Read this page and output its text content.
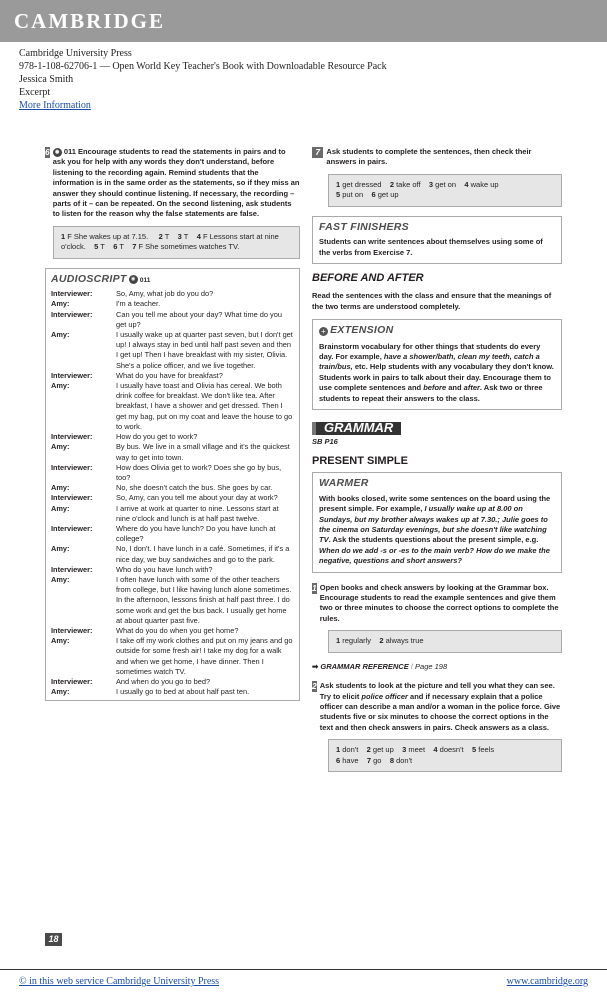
CAMBRIDGE
Cambridge University Press
978-1-108-62706-1 — Open World Key Teacher's Book with Downloadable Resource Pack
Jessica Smith
Excerpt
More Information
6	◉ 011 Encourage students to read the statements in pairs and to ask you for help with any words they don't understand, before listening to the recording again. Remind students that the information is in the same order as the statements, so if they miss an answer they should continue listening. If necessary, the recording – parts of it – can be repeated. On the second listening, ask students to listen for the reason why the false statements are false.
1 F She wakes up at 7.15. 2 T 3 T 4 F Lessons start at nine o'clock. 5 T 6 T 7 F She sometimes watches TV.
AUDIOSCRIPT ◉ 011
Interviewer:	So, Amy, what job do you do?
Amy:	I'm a teacher.
Interviewer:	Can you tell me about your day? What time do you get up?
Amy:	I usually wake up at quarter past seven, but I don't get up! I always stay in bed until half past seven and then I get up! Then I have breakfast with my sister, Olivia. She's a police officer, and we live together.
Interviewer:	What do you have for breakfast?
Amy:	I usually have toast and Olivia has cereal. We both drink coffee for breakfast. We don't like tea. After breakfast, I have a shower and get dressed. Then I get my bag, put on my coat and leave the house to go to work.
Interviewer:	How do you get to work?
Amy:	By bus. We live in a small village and it's the quickest way to get into town.
Interviewer:	How does Olivia get to work? Does she go by bus, too?
Amy:	No, she doesn't catch the bus. She goes by car.
Interviewer:	So, Amy, can you tell me about your day at work?
Amy:	I arrive at work at quarter to nine. Lessons start at nine o'clock and lunch is at half past twelve.
Interviewer:	Where do you have lunch? Do you have lunch at college?
Amy:	No, I don't. I have lunch in a café. Sometimes, if it's a nice day, we buy sandwiches and go to the park.
Interviewer:	Who do you have lunch with?
Amy:	I often have lunch with some of the other teachers from college, but I like having lunch alone sometimes. In the afternoon, lessons finish at half past three. I do some work and get the bus back. I usually get home at about quarter past five.
Interviewer:	What do you do when you get home?
Amy:	I take off my work clothes and put on my jeans and go outside for some fresh air! I take my dog for a walk and when we get home, I have dinner. Then I sometimes watch TV.
Interviewer:	And when do you go to bed?
Amy:	I usually go to bed at about half past ten.
18
7 Ask students to complete the sentences, then check their answers in pairs.
1 get dressed 2 take off 3 get on 4 wake up
5 put on 6 get up
FAST FINISHERS
Students can write sentences about themselves using some of the verbs from Exercise 7.
BEFORE AND AFTER
Read the sentences with the class and ensure that the meanings of the two terms are understood completely.
+ EXTENSION
Brainstorm vocabulary for other things that students do every day. For example, have a shower/bath, clean my teeth, catch a train/bus, etc. Help students with any vocabulary they don't know. Students work in pairs to talk about their day. Encourage them to use complete sentences and before and after. Ask two or three students to repeat their answers to the class.
GRAMMAR
SB P16
PRESENT SIMPLE
WARMER
With books closed, write some sentences on the board using the present simple. For example, I usually wake up at 8.00 on Sundays, but my brother always wakes up at 7.30.; Julie goes to the cinema on Saturday evenings, but she doesn't like watching TV. Ask the students questions about the present simple, e.g. When do we add -s or -es to the main verb? How do we make the negative, questions and short answers?
1 Open books and check answers by looking at the Grammar box. Encourage students to read the example sentences and give them two or three minutes to choose the correct options to complete the rules.
1 regularly 2 always true
➡ GRAMMAR REFERENCE / Page 198
2 Ask students to look at the picture and tell you what they can see. Try to elicit police officer and if necessary explain that a police officer can describe a man and/or a woman in the police force. Give students five or six minutes to choose the correct options in the text and then check answers in pairs. Check answers as a class.
1 don't 2 get up 3 meet 4 doesn't 5 feels
6 have 7 go 8 don't
© in this web service Cambridge University Press	www.cambridge.org
